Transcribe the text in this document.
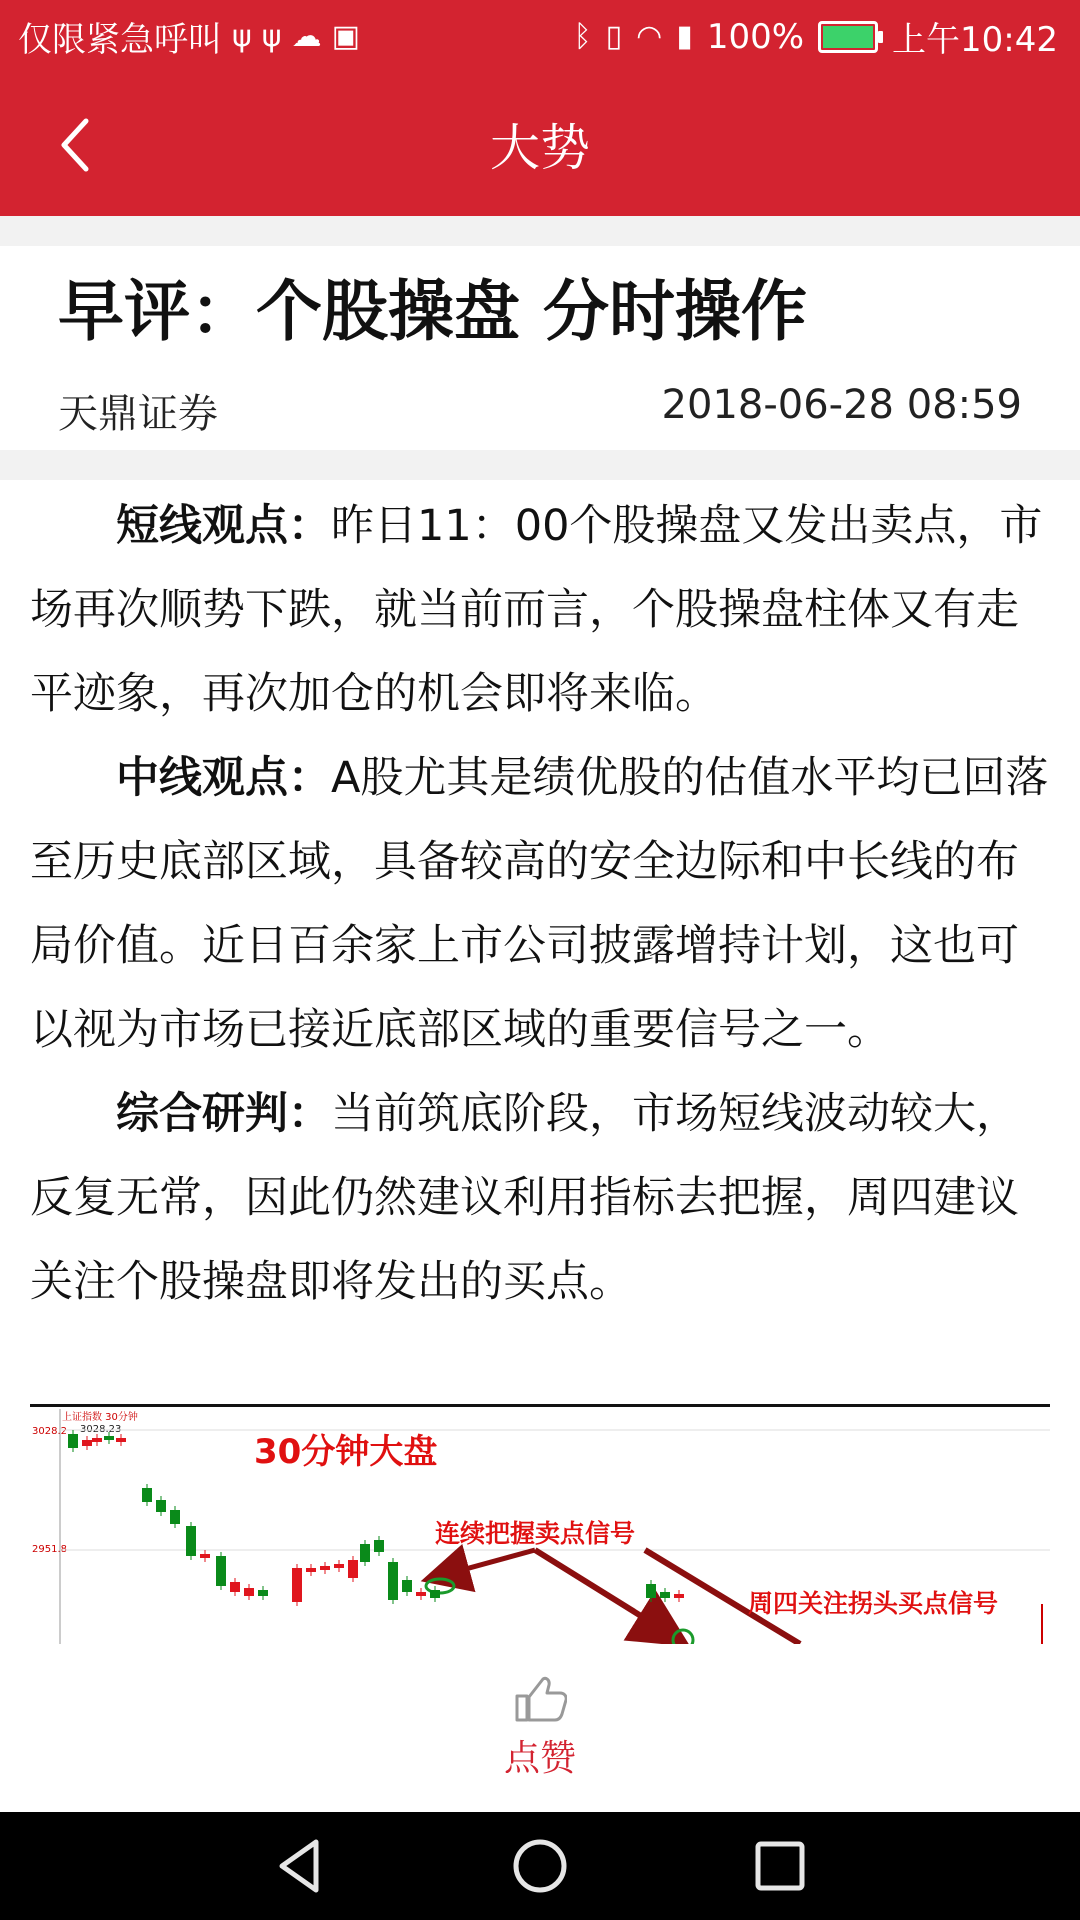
仅限紧急呼叫 ψ ψ ☁ ▣	ᛒ ▯ ◠ ▮ 100%	上午10:42
大势
早评：个股操盘 分时操作
天鼎证券	2018-06-28 08:59

短线观点：昨日11：00个股操盘又发出卖点，市场再次顺势下跌，就当前而言，个股操盘柱体又有走平迹象，再次加仓的机会即将来临。

中线观点：A股尤其是绩优股的估值水平均已回落至历史底部区域，具备较高的安全边际和中长线的布局价值。近日百余家上市公司披露增持计划，这也可以视为市场已接近底部区域的重要信号之一。

综合研判：当前筑底阶段，市场短线波动较大，反复无常，因此仍然建议利用指标去把握，周四建议关注个股操盘即将发出的买点。

上证指数 30分钟
3028.2
2951.8
3028.23
30分钟大盘
连续把握卖点信号
周四关注拐头买点信号
点赞
